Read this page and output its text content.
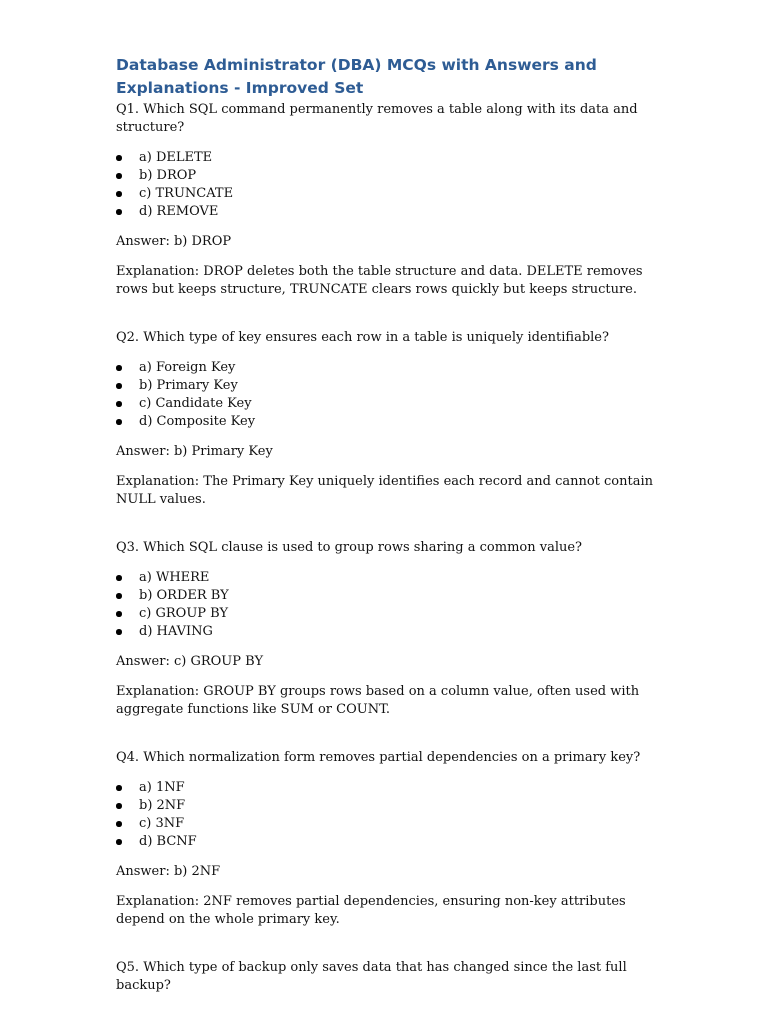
Database Administrator (DBA) MCQs with Answers and Explanations - Improved Set

Q1. Which SQL command permanently removes a table along with its data and structure?

a) DELETE
b) DROP
c) TRUNCATE
d) REMOVE

Answer: b) DROP

Explanation: DROP deletes both the table structure and data. DELETE removes rows but keeps structure, TRUNCATE clears rows quickly but keeps structure.

Q2. Which type of key ensures each row in a table is uniquely identifiable?

a) Foreign Key
b) Primary Key
c) Candidate Key
d) Composite Key

Answer: b) Primary Key

Explanation: The Primary Key uniquely identifies each record and cannot contain NULL values.

Q3. Which SQL clause is used to group rows sharing a common value?

a) WHERE
b) ORDER BY
c) GROUP BY
d) HAVING

Answer: c) GROUP BY

Explanation: GROUP BY groups rows based on a column value, often used with aggregate functions like SUM or COUNT.

Q4. Which normalization form removes partial dependencies on a primary key?

a) 1NF
b) 2NF
c) 3NF
d) BCNF

Answer: b) 2NF

Explanation: 2NF removes partial dependencies, ensuring non-key attributes depend on the whole primary key.

Q5. Which type of backup only saves data that has changed since the last full backup?
